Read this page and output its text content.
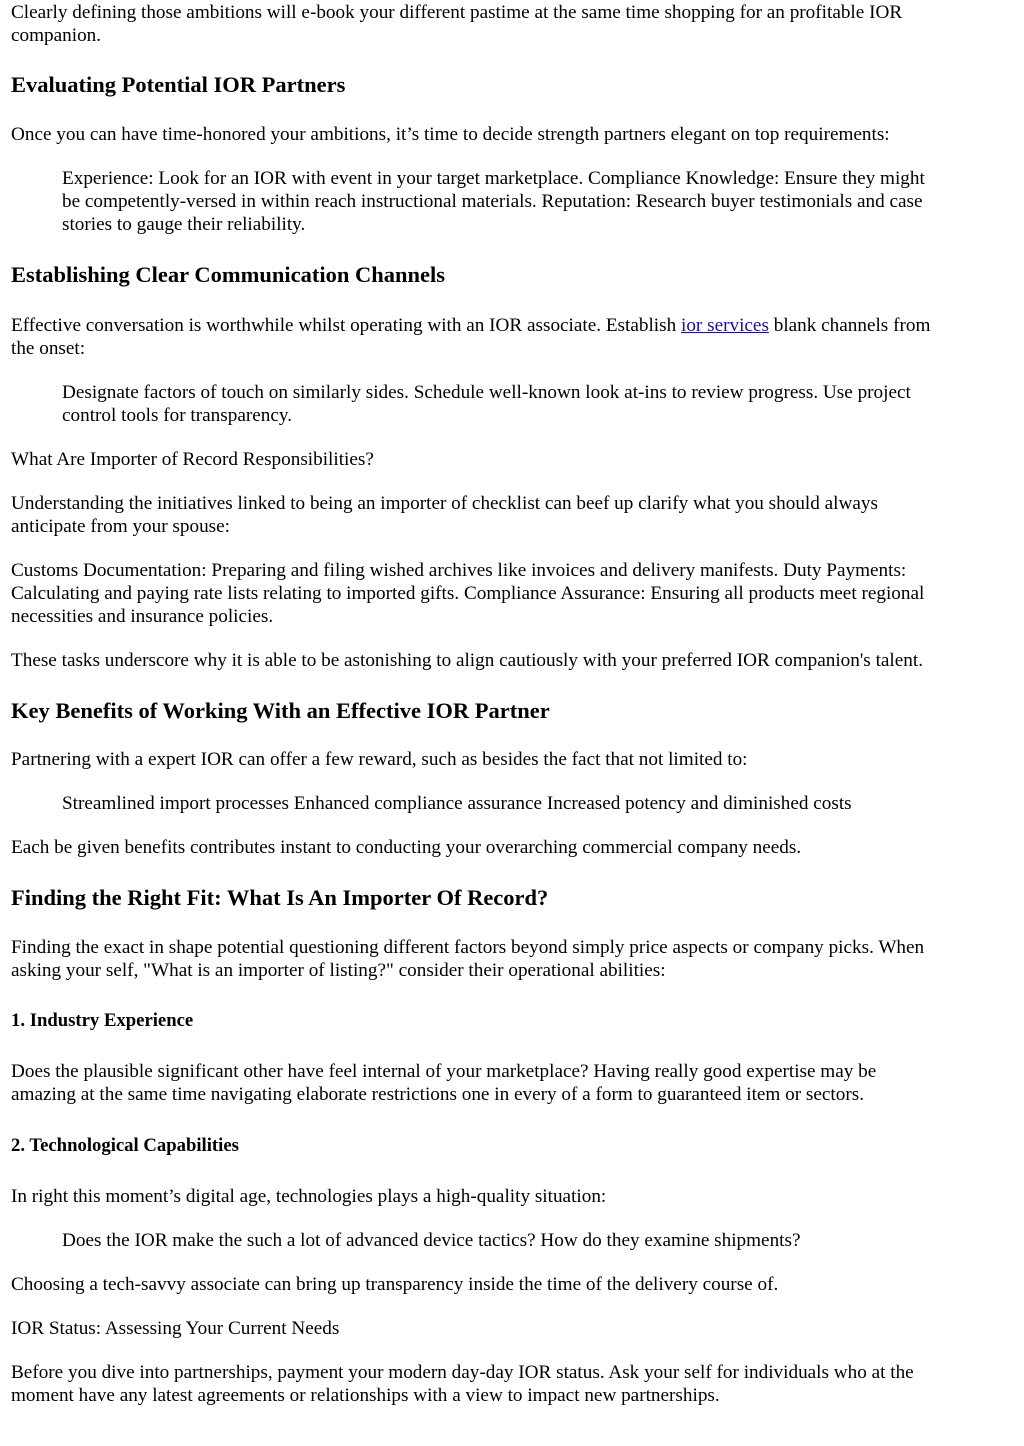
Clearly defining those ambitions will e-book your different pastime at the same time shopping for an profitable IOR

companion.

Evaluating Potential IOR Partners

Once you can have time-honored your ambitions, it’s time to decide strength partners elegant on top requirements:

Experience: Look for an IOR with event in your target marketplace. Compliance Knowledge: Ensure they might

be competently-versed in within reach instructional materials. Reputation: Research buyer testimonials and case

stories to gauge their reliability.

Establishing Clear Communication Channels

Effective conversation is worthwhile whilst operating with an IOR associate. Establish ior services blank channels from

the onset:

Designate factors of touch on similarly sides. Schedule well-known look at-ins to review progress. Use project

control tools for transparency.

What Are Importer of Record Responsibilities?

Understanding the initiatives linked to being an importer of checklist can beef up clarify what you should always

anticipate from your spouse:

Customs Documentation: Preparing and filing wished archives like invoices and delivery manifests. Duty Payments:

Calculating and paying rate lists relating to imported gifts. Compliance Assurance: Ensuring all products meet regional

necessities and insurance policies.

These tasks underscore why it is able to be astonishing to align cautiously with your preferred IOR companion's talent.

Key Benefits of Working With an Effective IOR Partner

Partnering with a expert IOR can offer a few reward, such as besides the fact that not limited to:

Streamlined import processes Enhanced compliance assurance Increased potency and diminished costs

Each be given benefits contributes instant to conducting your overarching commercial company needs.

Finding the Right Fit: What Is An Importer Of Record?

Finding the exact in shape potential questioning different factors beyond simply price aspects or company picks. When

asking your self, "What is an importer of listing?" consider their operational abilities:

1. Industry Experience

Does the plausible significant other have feel internal of your marketplace? Having really good expertise may be

amazing at the same time navigating elaborate restrictions one in every of a form to guaranteed item or sectors.

2. Technological Capabilities

In right this moment’s digital age, technologies plays a high-quality situation:

Does the IOR make the such a lot of advanced device tactics? How do they examine shipments?

Choosing a tech-savvy associate can bring up transparency inside the time of the delivery course of.

IOR Status: Assessing Your Current Needs

Before you dive into partnerships, payment your modern day-day IOR status. Ask your self for individuals who at the

moment have any latest agreements or relationships with a view to impact new partnerships.
